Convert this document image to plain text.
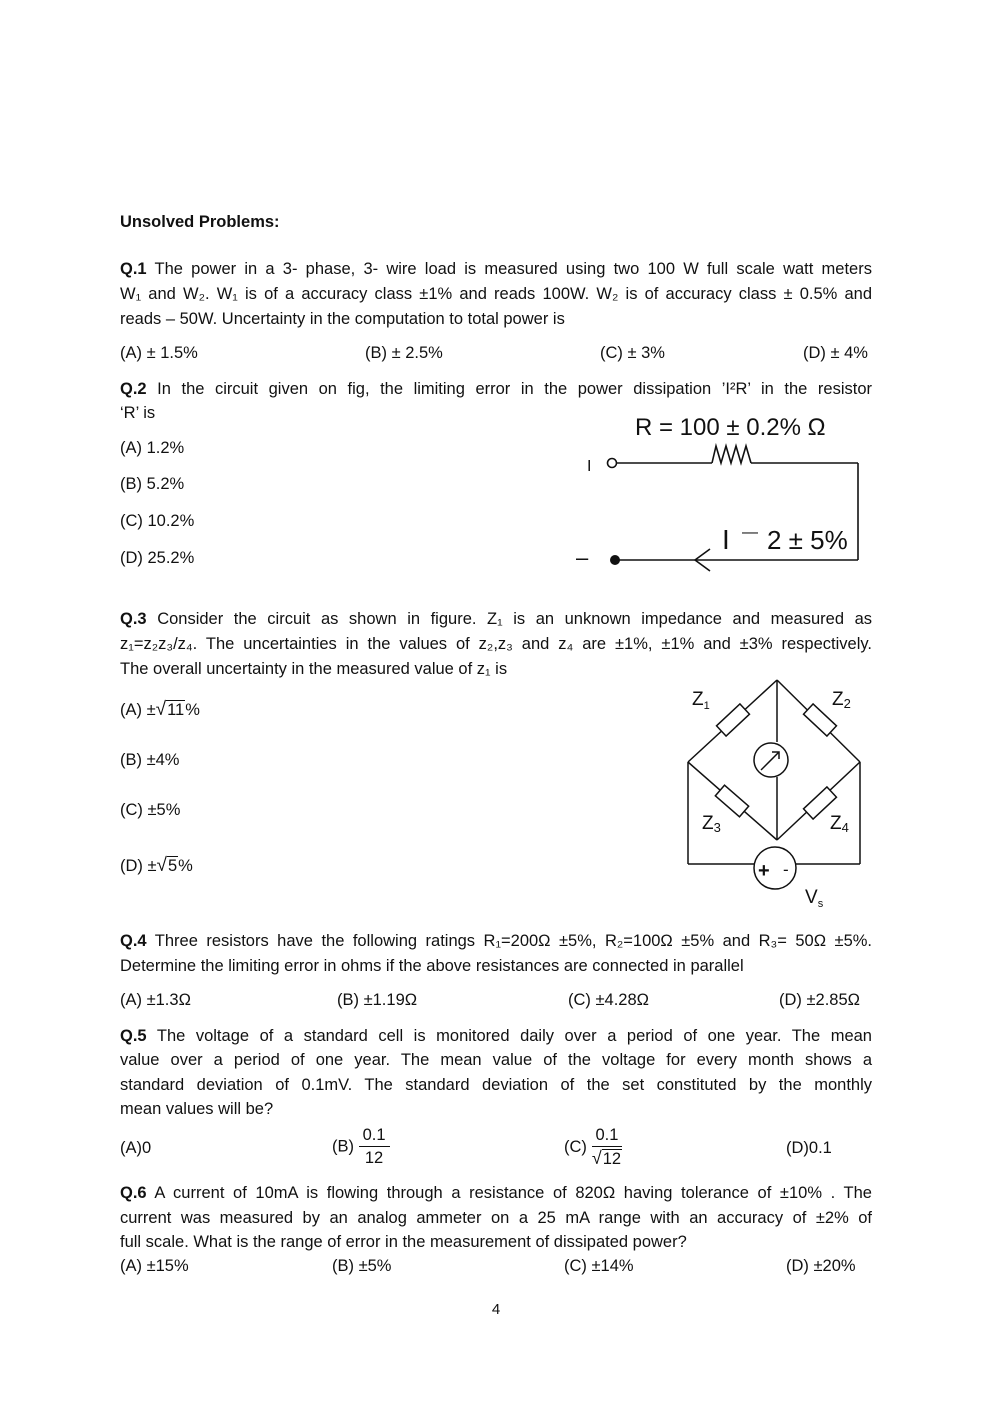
Unsolved Problems:
Q.1 The power in a 3- phase, 3- wire load is measured using two 100 W full scale watt meters
W₁ and W₂. W₁ is of a accuracy class ±1% and reads 100W. W₂ is of accuracy class ± 0.5% and
reads – 50W. Uncertainty in the computation to total power is
(A) ± 1.5%	(B) ± 2.5%	(C) ± 3%	(D) ± 4%
Q.2 In the circuit given on fig, the limiting error in the power dissipation ’I²R’ in the resistor
‘R’ is
(A) 1.2%
(B) 5.2%
(C) 10.2%
(D) 25.2%
R = 100 ± 0.2% Ω
I
–
I — 2 ± 5%
Q.3 Consider the circuit as shown in figure. Z₁ is an unknown impedance and measured as
z₁=z₂z₃/z₄. The uncertainties in the values of z₂,z₃ and z₄ are ±1%, ±1% and ±3% respectively.
The overall uncertainty in the measured value of z₁ is
(A) ±√11%
(B) ±4%
(C) ±5%
(D) ±√5%
$Z_1$	Z2
Z3	Z4
+ -
$V_s$
Q.4 Three resistors have the following ratings R₁=200Ω ±5%, R₂=100Ω ±5% and R₃= 50Ω ±5%.
Determine the limiting error in ohms if the above resistances are connected in parallel
(A) ±1.3Ω	(B) ±1.19Ω	(C) ±4.28Ω	(D) ±2.85Ω
Q.5 The voltage of a standard cell is monitored daily over a period of one year. The mean
value over a period of one year. The mean value of the voltage for every month shows a
standard deviation of 0.1mV. The standard deviation of the set constituted by the monthly
mean values will be?
(A)0	$(B) \frac{0.1}{12}$	$(C) \frac{0.1}{√12}$	(D)0.1
Q.6 A current of 10mA is flowing through a resistance of 820Ω having tolerance of ±10% . The
current was measured by an analog ammeter on a 25 mA range with an accuracy of ±2% of
full scale. What is the range of error in the measurement of dissipated power?
(A) ±15%	(B) ±5%	(C) ±14%	(D) ±20%
4
